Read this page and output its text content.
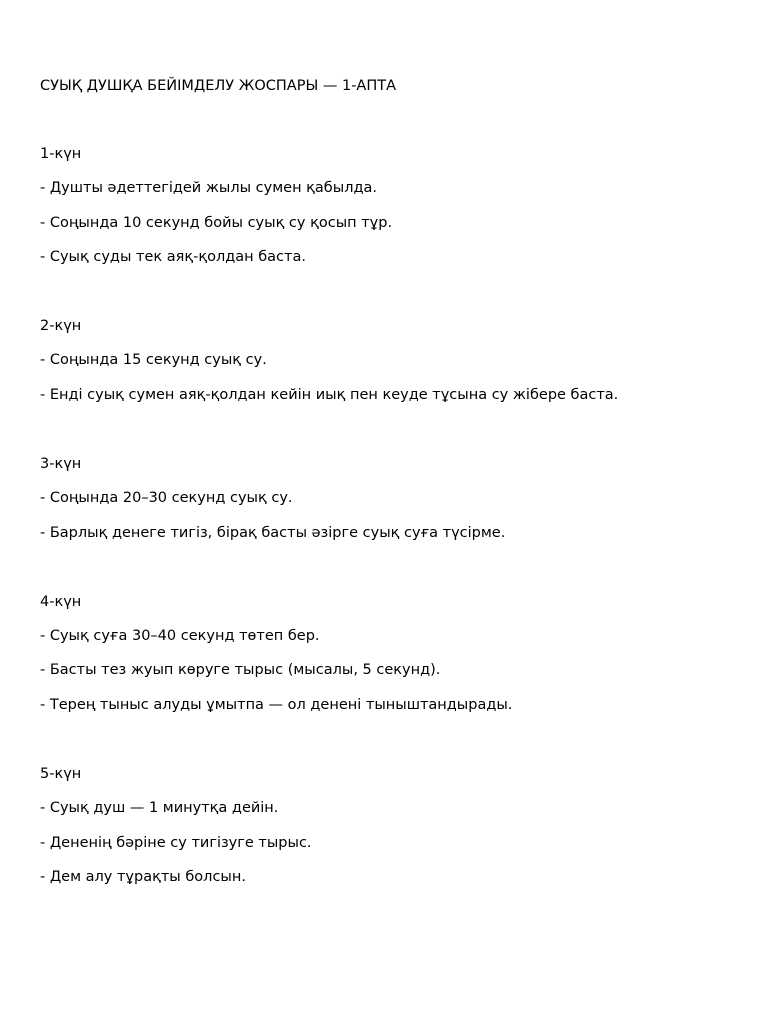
СУЫҚ ДУШҚА БЕЙІМДЕЛУ ЖОСПАРЫ — 1-АПТА
1-күн
- Душты әдеттегідей жылы сумен қабылда.
- Соңында 10 секунд бойы суық су қосып тұр.
- Суық суды тек аяқ-қолдан баста.
2-күн
- Соңында 15 секунд суық су.
- Енді суық сумен аяқ-қолдан кейін иық пен кеуде тұсына су жібере баста.
3-күн
- Соңында 20–30 секунд суық су.
- Барлық денеге тигіз, бірақ басты әзірге суық суға түсірме.
4-күн
- Суық суға 30–40 секунд төтеп бер.
- Басты тез жуып көруге тырыс (мысалы, 5 секунд).
- Терең тыныс алуды ұмытпа — ол денені тыныштандырады.
5-күн
- Суық душ — 1 минутқа дейін.
- Дененің бәріне су тигізуге тырыс.
- Дем алу тұрақты болсын.
